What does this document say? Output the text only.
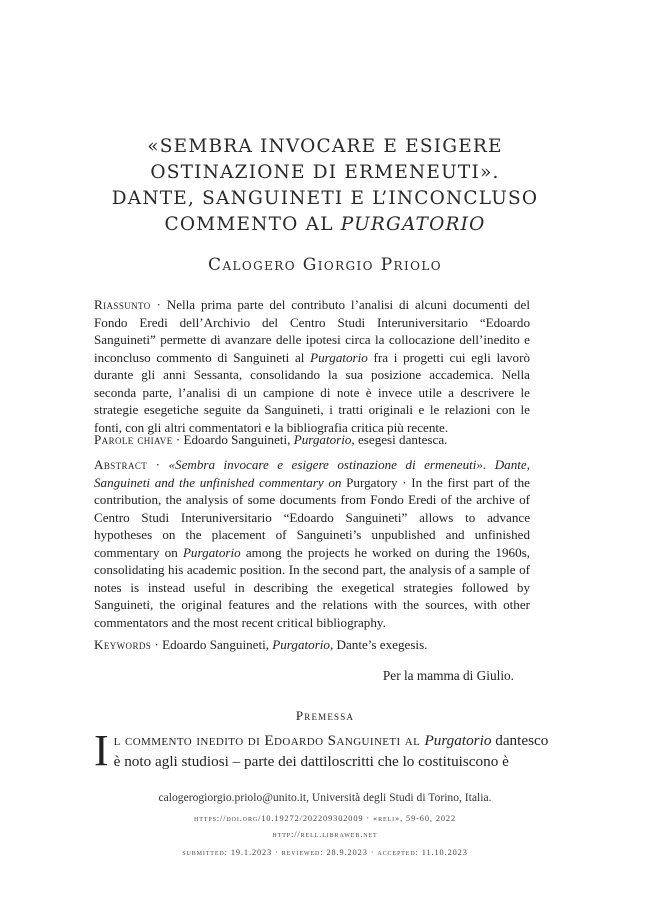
«SEMBRA INVOCARE E ESIGERE
OSTINAZIONE DI ERMENEUTI».
DANTE, SANGUINETI E L’INCONCLUSO
COMMENTO AL PURGATORIO
Calogero Giorgio Priolo
Riassunto · Nella prima parte del contributo l’analisi di alcuni documenti del Fondo Eredi dell’Archivio del Centro Studi Interuniversitario “Edoardo Sanguineti” permette di avanzare delle ipotesi circa la collocazione dell’inedito e inconcluso commento di Sanguineti al Purgatorio fra i progetti cui egli lavorò durante gli anni Sessanta, consolidando la sua posizione accademica. Nella seconda parte, l’analisi di un campione di note è invece utile a descrivere le strategie esegetiche seguite da Sanguineti, i tratti originali e le relazioni con le fonti, con gli altri commentatori e la bibliografia critica più recente.
Parole chiave · Edoardo Sanguineti, Purgatorio, esegesi dantesca.
Abstract · «Sembra invocare e esigere ostinazione di ermeneuti». Dante, Sanguineti and the unfinished commentary on Purgatory · In the first part of the contribution, the analysis of some documents from Fondo Eredi of the archive of Centro Studi Interuniversitario “Edoardo Sanguineti” allows to advance hypotheses on the placement of Sanguineti’s unpublished and unfinished commentary on Purgatorio among the projects he worked on during the 1960s, consolidating his academic position. In the second part, the analysis of a sample of notes is instead useful in describing the exegetical strategies followed by Sanguineti, the original features and the relations with the sources, with other commentators and the most recent critical bibliography.
Keywords · Edoardo Sanguineti, Purgatorio, Dante’s exegesis.
Per la mamma di Giulio.
Premessa
I l commento inedito di Edoardo Sanguineti al Purgatorio dantesco
è noto agli studiosi – parte dei dattiloscritti che lo costituiscono è
calogerogiorgio.priolo@unito.it, Università degli Studi di Torino, Italia.
https://doi.org/10.19272/202209302009 · «reli», 59-60, 2022
http://rell.libraweb.net
submitted: 19.1.2023 · reviewed: 28.9.2023 · accepted: 11.10.2023
